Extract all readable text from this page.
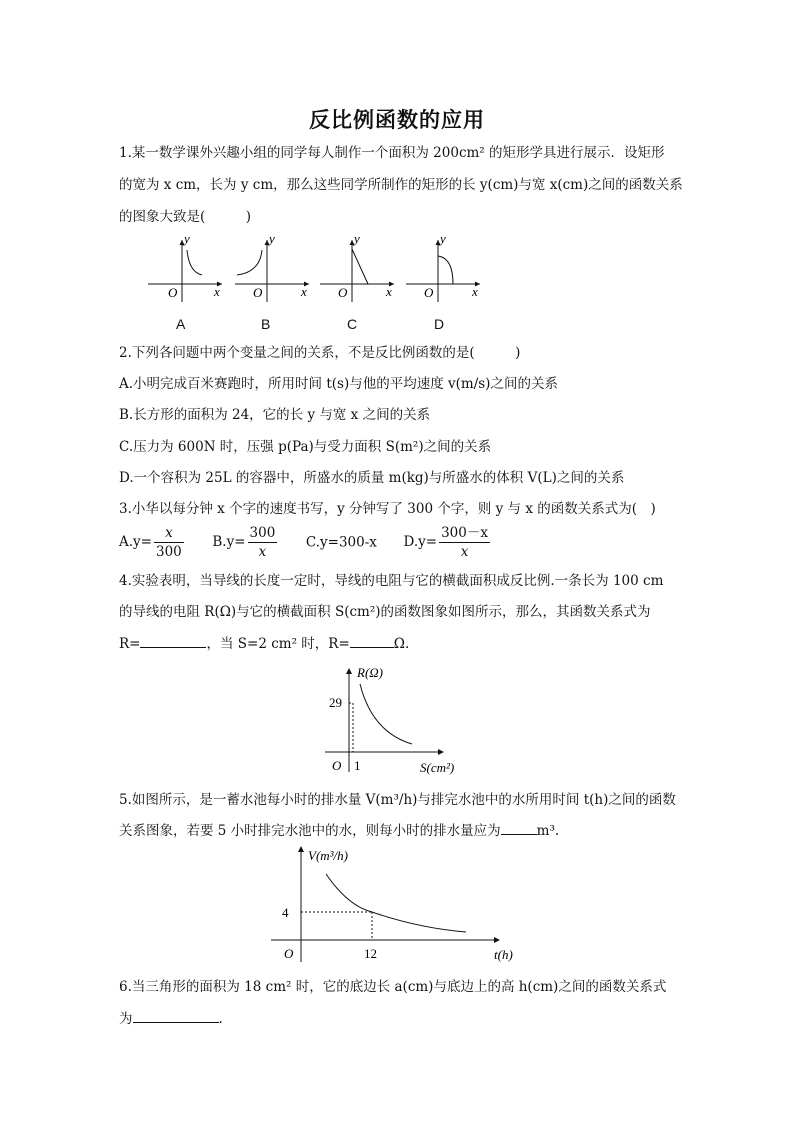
反比例函数的应用
1.某一数学课外兴趣小组的同学每人制作一个面积为 200cm² 的矩形学具进行展示．设矩形
的宽为 x cm，长为 y cm，那么这些同学所制作的矩形的长 y(cm)与宽 x(cm)之间的函数关系
的图象大致是(　　　)
y
x
O
y
x
O
y
x
O
y
x
O
A	B	C	D
2.下列各问题中两个变量之间的关系，不是反比例函数的是(　　　)
A.小明完成百米赛跑时，所用时间 t(s)与他的平均速度 v(m/s)之间的关系
B.长方形的面积为 24，它的长 y 与宽 x 之间的关系
C.压力为 600N 时，压强 p(Pa)与受力面积 S(m²)之间的关系
D.一个容积为 25L 的容器中，所盛水的质量 m(kg)与所盛水的体积 V(L)之间的关系
3.小华以每分钟 x 个字的速度书写，y 分钟写了 300 个字，则 y 与 x 的函数关系式为(　)
$A.y= \frac{x}{300} B.y= \frac{300}{x} C.y=300-x$ $D.y= \frac{300-x}{x}$
4.实验表明，当导线的长度一定时，导线的电阻与它的横截面积成反比例.一条长为 100 cm
的导线的电阻 R(Ω)与它的横截面积 S(cm²)的函数图象如图所示，那么，其函数关系式为
R=	，当 S=2 cm² 时，R=	Ω.
R(Ω)
S(cm²)
O 1
29
5.如图所示，是一蓄水池每小时的排水量 V(m³/h)与排完水池中的水所用时间 t(h)之间的函数
关系图象，若要 5 小时排完水池中的水，则每小时的排水量应为	m³.
V(m³/h)
t(h)
O	12
4
6.当三角形的面积为 18 cm² 时，它的底边长 a(cm)与底边上的高 h(cm)之间的函数关系式
为	.
